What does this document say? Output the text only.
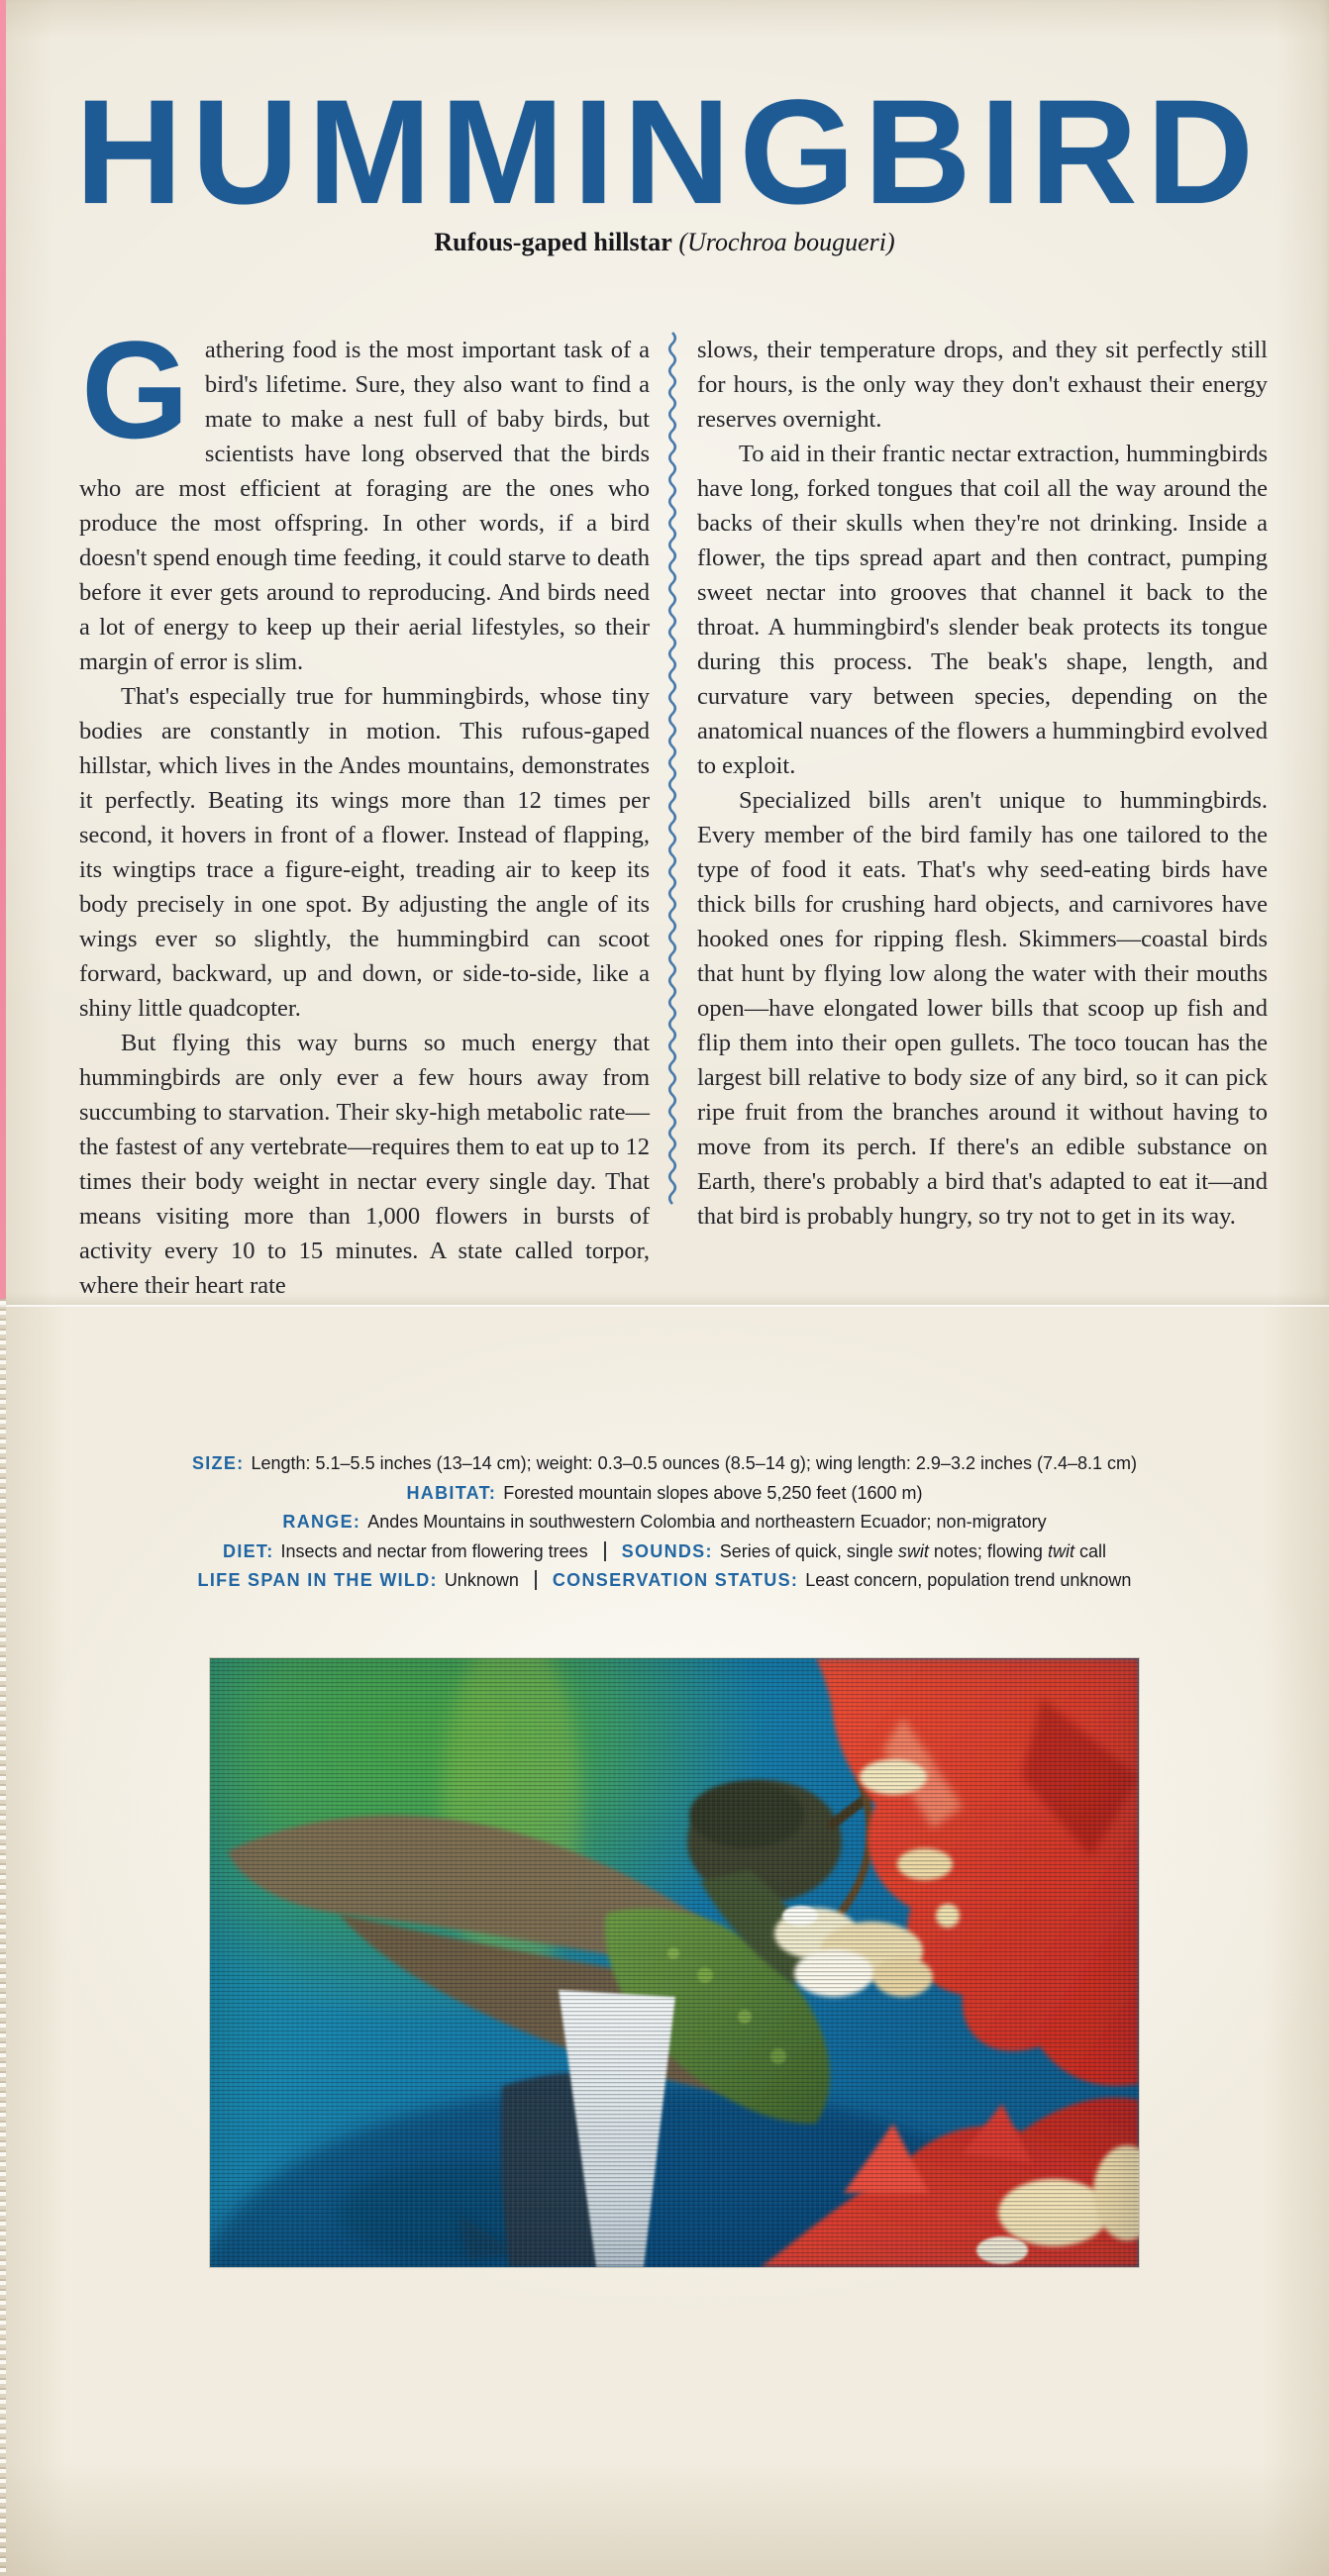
H U M M I N G B I R D
Rufous-gaped hillstar (Urochroa bougueri)

Gathering food is the most important task of a bird's lifetime. Sure, they also want to find a mate to make a nest full of baby birds, but scientists have long observed that the birds who are most efficient at foraging are the ones who produce the most offspring. In other words, if a bird doesn't spend enough time feeding, it could starve to death before it ever gets around to reproducing. And birds need a lot of energy to keep up their aerial lifestyles, so their margin of error is slim.

That's especially true for hummingbirds, whose tiny bodies are constantly in motion. This rufous-gaped hillstar, which lives in the Andes mountains, demonstrates it perfectly. Beating its wings more than 12 times per second, it hovers in front of a flower. Instead of flapping, its wingtips trace a figure-eight, treading air to keep its body precisely in one spot. By adjusting the angle of its wings ever so slightly, the hummingbird can scoot forward, backward, up and down, or side-to-side, like a shiny little quadcopter.

But flying this way burns so much energy that hummingbirds are only ever a few hours away from succumbing to starvation. Their sky-high metabolic rate—the fastest of any vertebrate—requires them to eat up to 12 times their body weight in nectar every single day. That means visiting more than 1,000 flowers in bursts of activity every 10 to 15 minutes. A state called torpor, where their heart rate

slows, their temperature drops, and they sit perfectly still for hours, is the only way they don't exhaust their energy reserves overnight.

To aid in their frantic nectar extraction, hummingbirds have long, forked tongues that coil all the way around the backs of their skulls when they're not drinking. Inside a flower, the tips spread apart and then contract, pumping sweet nectar into grooves that channel it back to the throat. A hummingbird's slender beak protects its tongue during this process. The beak's shape, length, and curvature vary between species, depending on the anatomical nuances of the flowers a hummingbird evolved to exploit.

Specialized bills aren't unique to hummingbirds. Every member of the bird family has one tailored to the type of food it eats. That's why seed-eating birds have thick bills for crushing hard objects, and carnivores have hooked ones for ripping flesh. Skimmers—coastal birds that hunt by flying low along the water with their mouths open—have elongated lower bills that scoop up fish and flip them into their open gullets. The toco toucan has the largest bill relative to body size of any bird, so it can pick ripe fruit from the branches around it without having to move from its perch. If there's an edible substance on Earth, there's probably a bird that's adapted to eat it—and that bird is probably hungry, so try not to get in its way.

SIZE: Length: 5.1–5.5 inches (13–14 cm); weight: 0.3–0.5 ounces (8.5–14 g); wing length: 2.9–3.2 inches (7.4–8.1 cm)
HABITAT: Forested mountain slopes above 5,250 feet (1600 m)
RANGE: Andes Mountains in southwestern Colombia and northeastern Ecuador; non-migratory
DIET: Insects and nectar from flowering trees SOUNDS: Series of quick, single swit notes; flowing twit call
LIFE SPAN IN THE WILD: Unknown CONSERVATION STATUS: Least concern, population trend unknown
